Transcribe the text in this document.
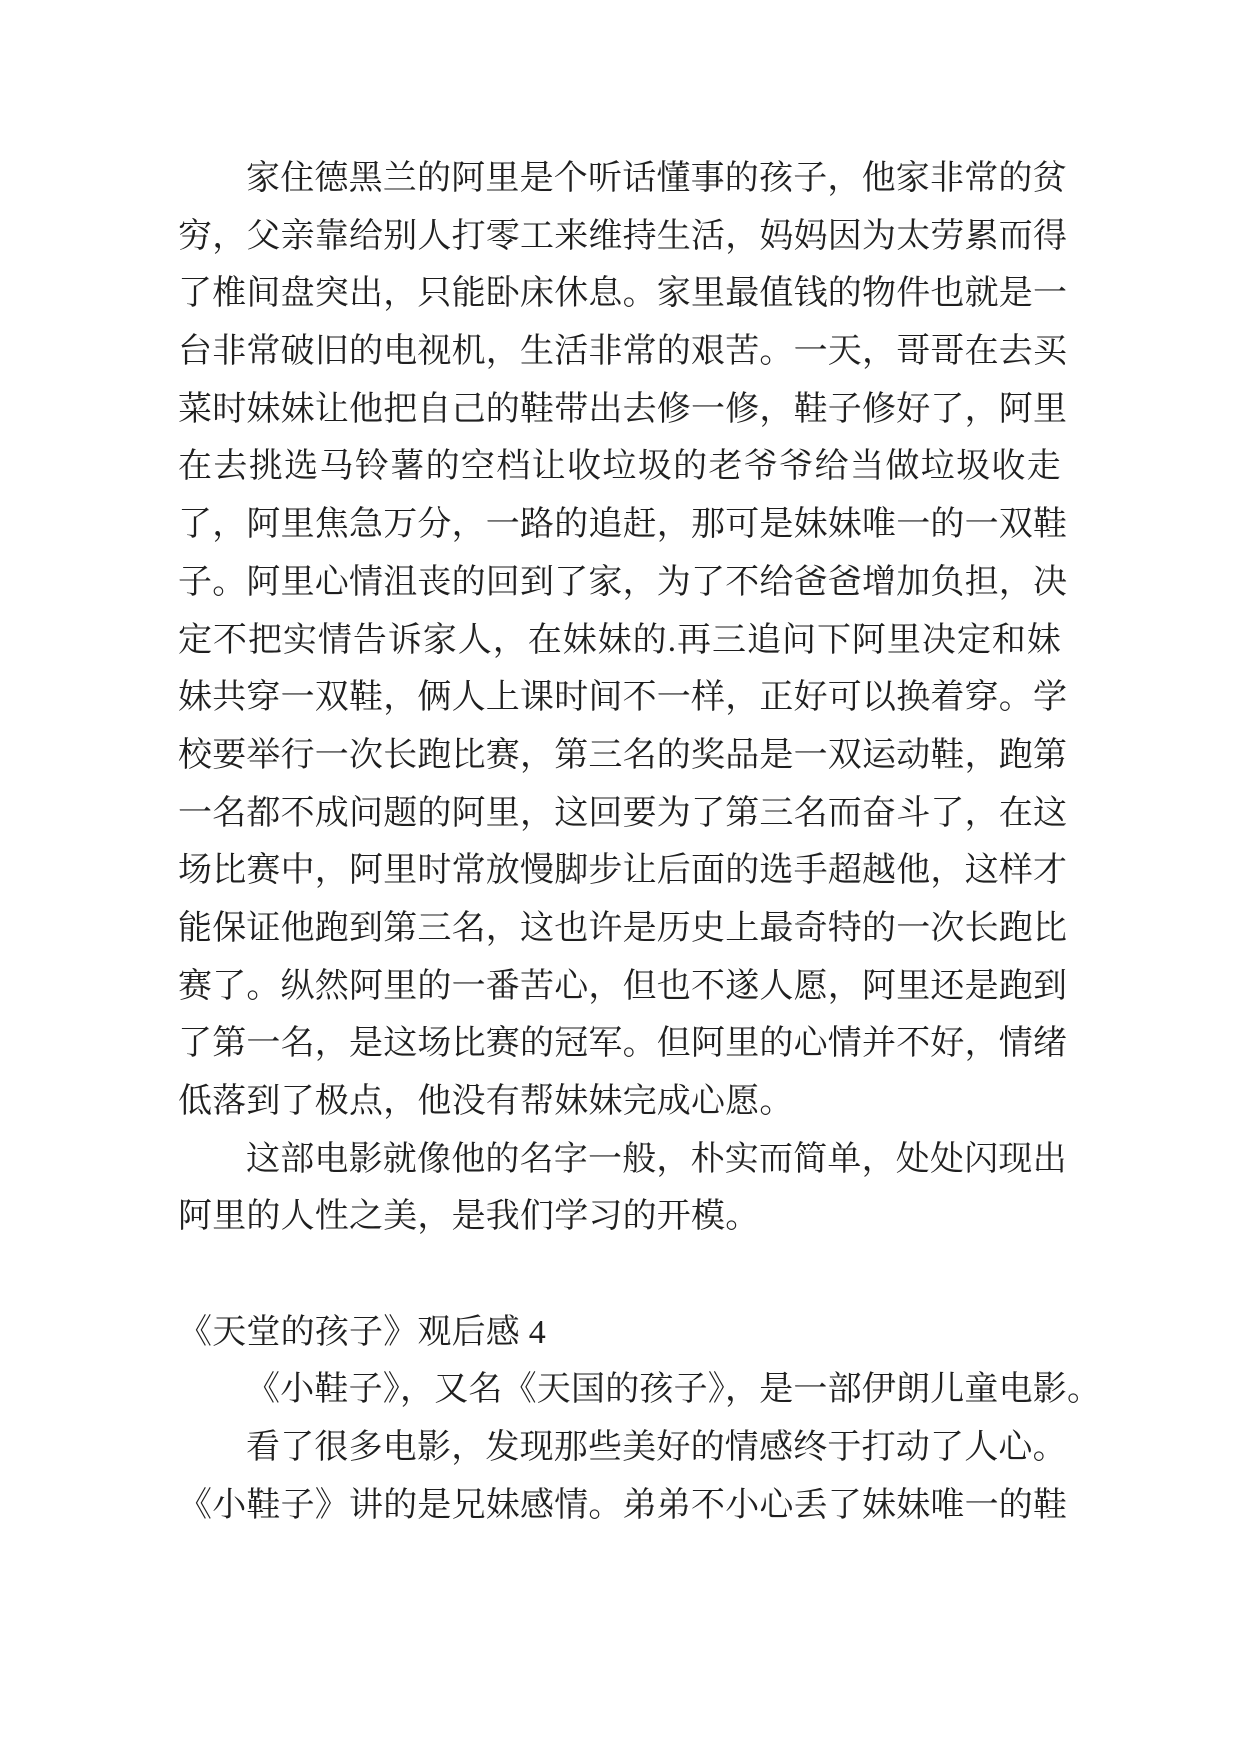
家住德黑兰的阿里是个听话懂事的孩子，他家非常的贫
穷，父亲靠给别人打零工来维持生活，妈妈因为太劳累而得
了椎间盘突出，只能卧床休息。家里最值钱的物件也就是一
台非常破旧的电视机，生活非常的艰苦。一天，哥哥在去买
菜时妹妹让他把自己的鞋带出去修一修，鞋子修好了，阿里
在去挑选马铃薯的空档让收垃圾的老爷爷给当做垃圾收走
了，阿里焦急万分，一路的追赶，那可是妹妹唯一的一双鞋
子。阿里心情沮丧的回到了家，为了不给爸爸增加负担，决
定不把实情告诉家人，在妹妹的.再三追问下阿里决定和妹
妹共穿一双鞋，俩人上课时间不一样，正好可以换着穿。学
校要举行一次长跑比赛，第三名的奖品是一双运动鞋，跑第
一名都不成问题的阿里，这回要为了第三名而奋斗了，在这
场比赛中，阿里时常放慢脚步让后面的选手超越他，这样才
能保证他跑到第三名，这也许是历史上最奇特的一次长跑比
赛了。纵然阿里的一番苦心，但也不遂人愿，阿里还是跑到
了第一名，是这场比赛的冠军。但阿里的心情并不好，情绪
低落到了极点，他没有帮妹妹完成心愿。
这部电影就像他的名字一般，朴实而简单，处处闪现出
阿里的人性之美，是我们学习的开模。
《天堂的孩子》观后感 4
《小鞋子》，又名《天国的孩子》，是一部伊朗儿童电影。
看了很多电影，发现那些美好的情感终于打动了人心。
《小鞋子》讲的是兄妹感情。弟弟不小心丢了妹妹唯一的鞋
